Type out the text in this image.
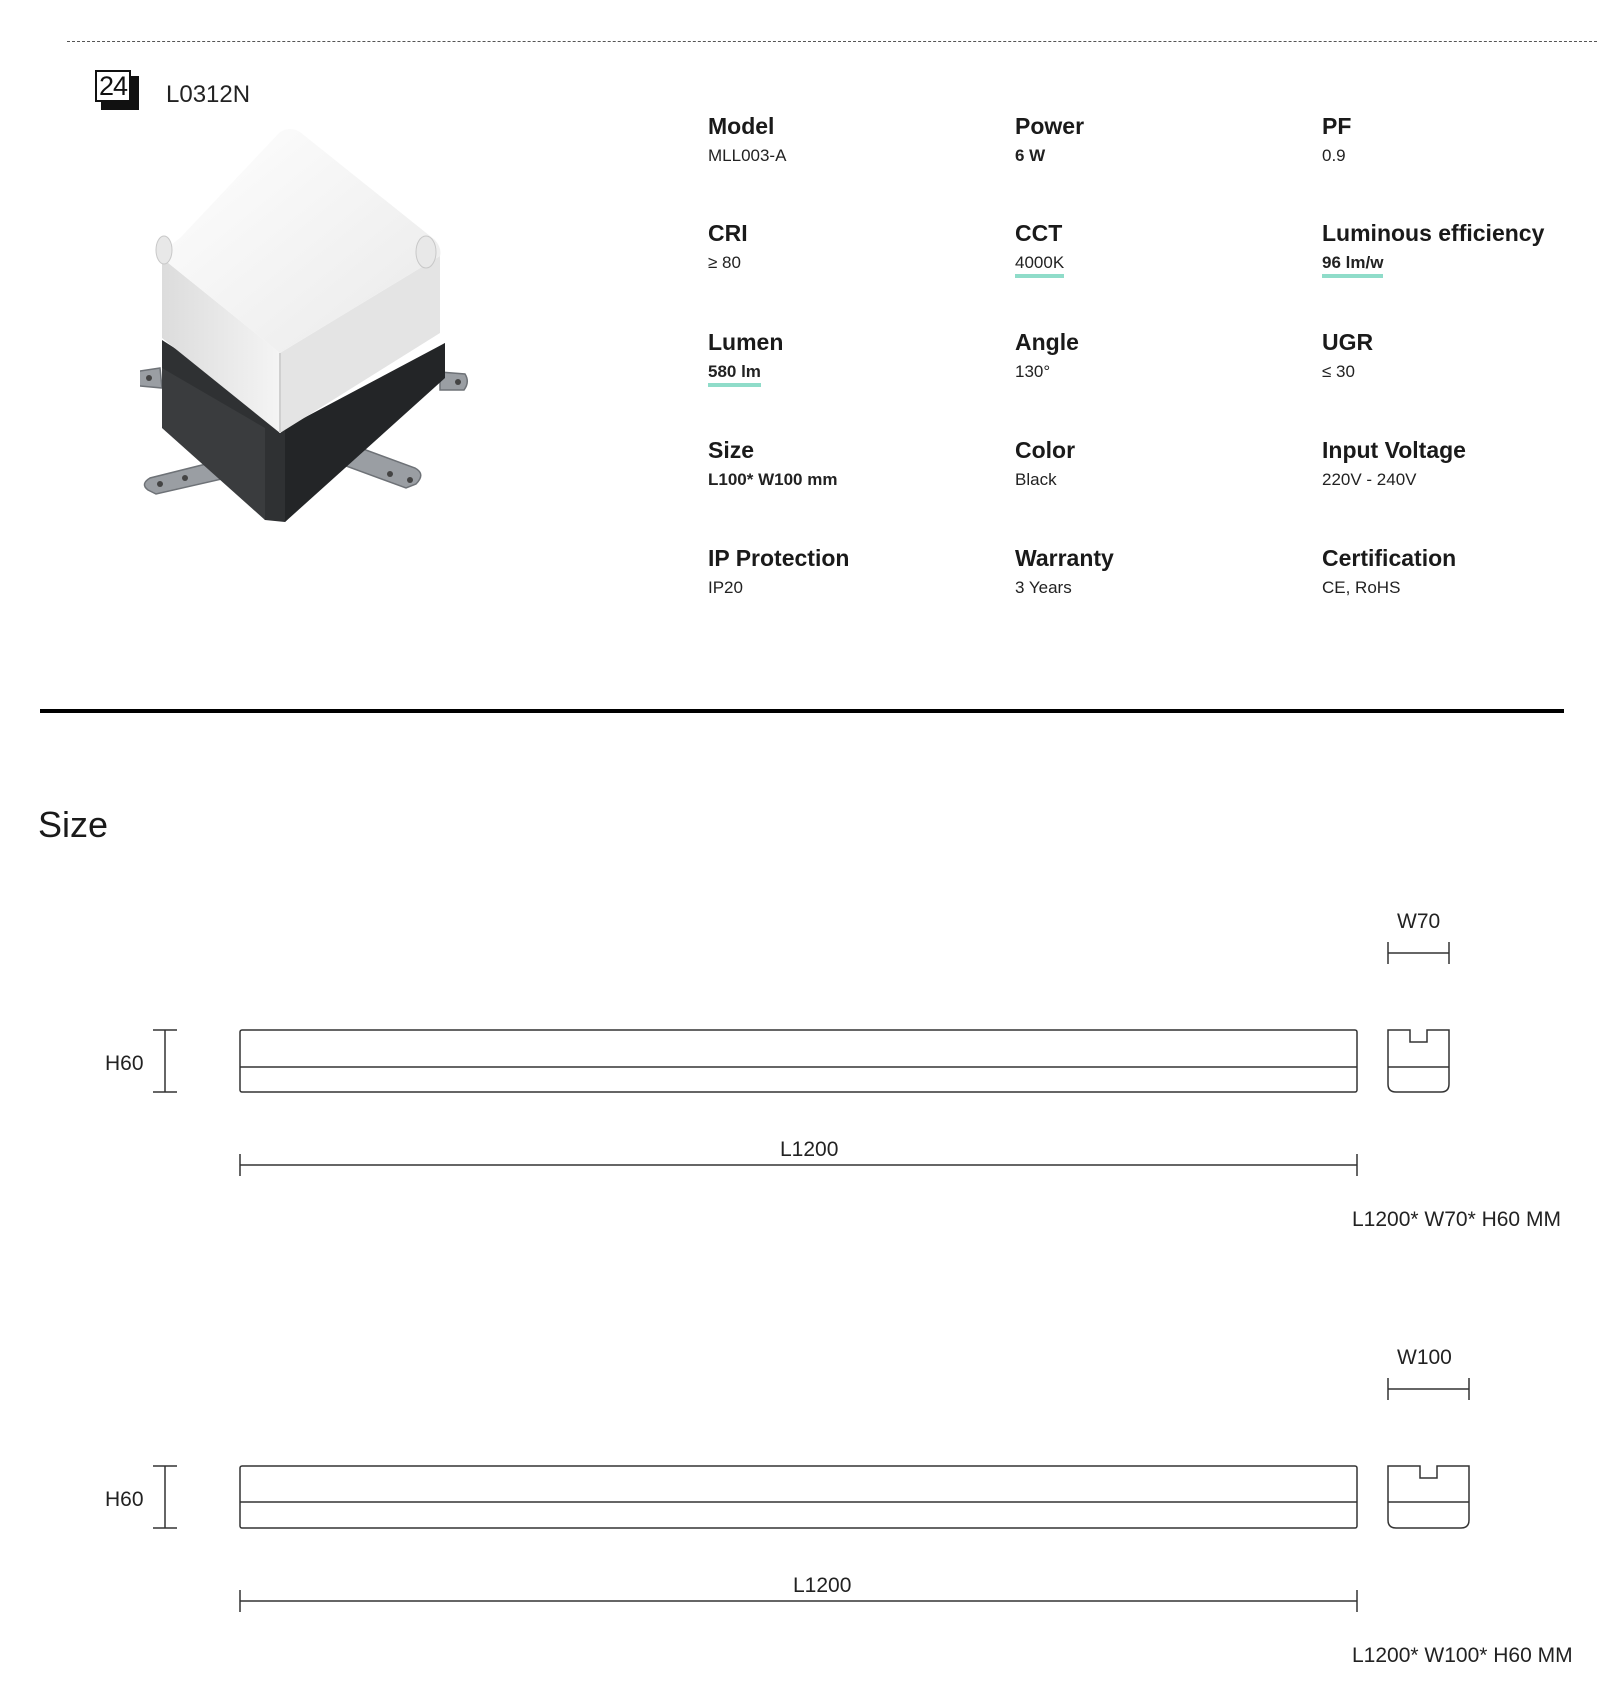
24 L0312N
Model
MLL003-A
Power
6 W
PF
0.9
CRI
≥ 80
CCT
4000K
Luminous efficiency
96 lm/w
Lumen
580 lm
Angle
130°
UGR
≤ 30
Size
L100* W100 mm
Color
Black
Input Voltage
220V - 240V
IP Protection
IP20
Warranty
3 Years
Certification
CE, RoHS
Size
H60
L1200
W70
L1200* W70* H60 MM
H60
L1200
W100
L1200* W100* H60 MM
